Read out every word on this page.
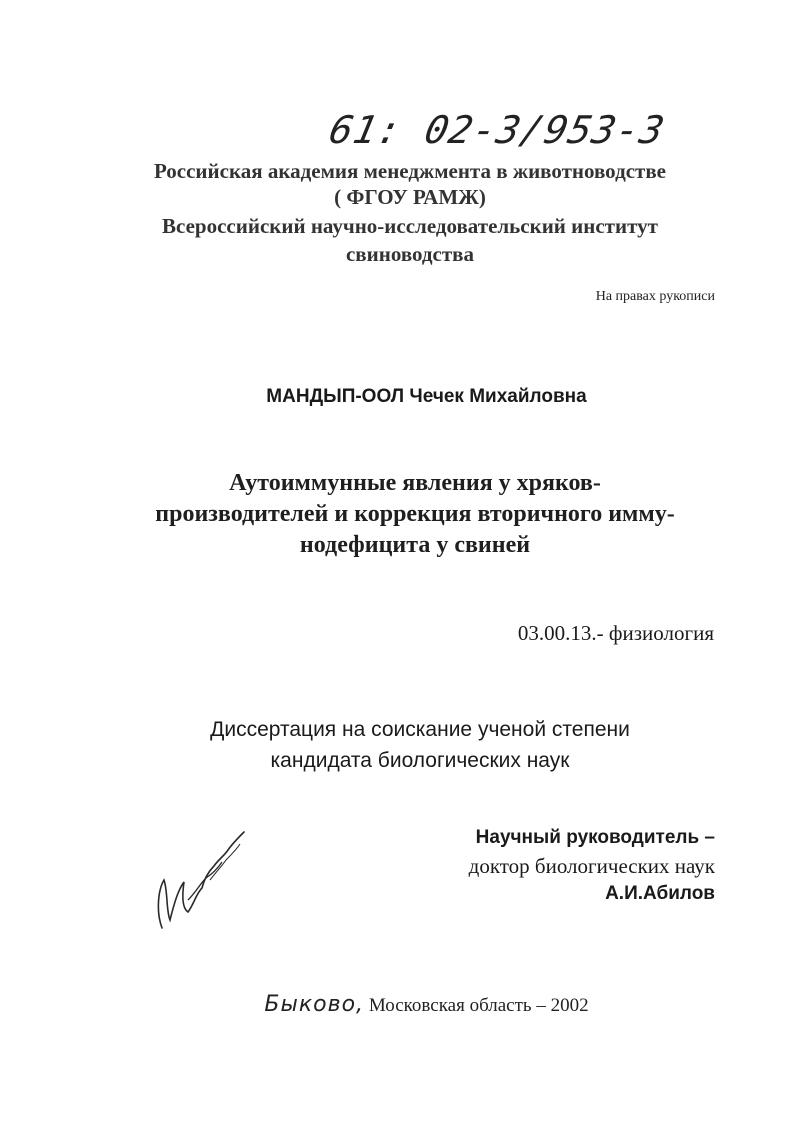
61: 02-3/953-3
Российская академия менеджмента в животноводстве
( ФГОУ РАМЖ)
Всероссийский научно-исследовательский институт
свиноводства
На правах рукописи
МАНДЫП-ООЛ Чечек Михайловна
Аутоиммунные явления у хряков-
производителей и коррекция вторичного имму-
нодефицита у свиней
03.00.13.- физиология
Диссертация на соискание ученой степени
кандидата биологических наук
Научный руководитель –
доктор биологических наук
А.И.Абилов
Быково, Московская область – 2002
